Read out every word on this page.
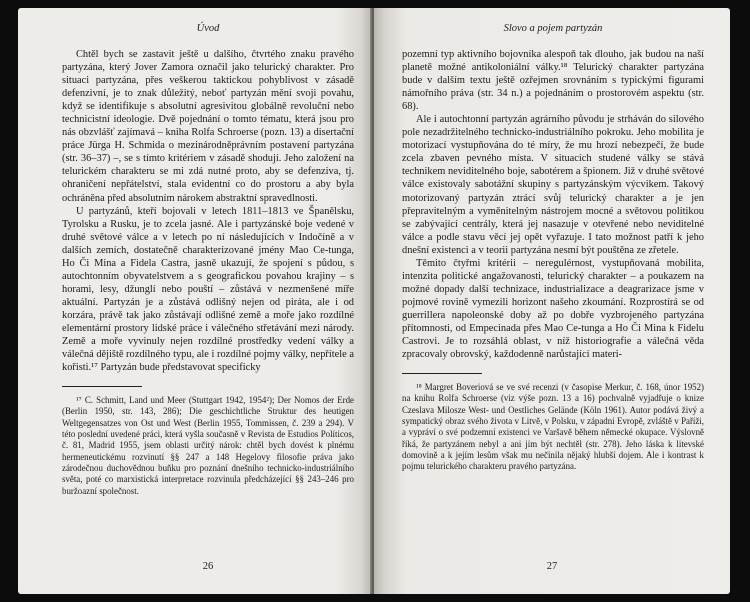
Úvod

Chtěl bych se zastavit ještě u dalšího, čtvrtého znaku pravého partyzána, který Jover Zamora označil jako telurický charakter. Pro situaci partyzána, přes veškerou taktickou pohyblivost v zásadě defenzivní, je to znak důležitý, neboť partyzán mění svoji povahu, když se identifikuje s absolutní agresivitou globálně revoluční nebo technicistní ideologie. Dvě pojednání o tomto tématu, která jsou pro nás obzvlášť zajímavá – kniha Rolfa Schroerse (pozn. 13) a disertační práce Jürga H. Schmida o mezinárodněprávním postavení partyzána (str. 36–37) –, se s tímto kritériem v zásadě shodují. Jeho založení na telurickém charakteru se mi zdá nutné proto, aby se defenziva, tj. ohraničení nepřátelství, stala evidentní co do prostoru a aby byla ochráněna před absolutním nárokem abstraktní spravedlnosti.

U partyzánů, kteří bojovali v letech 1811–1813 ve Španělsku, Tyrolsku a Rusku, je to zcela jasné. Ale i partyzánské boje vedené v druhé světové válce a v letech po ní následujících v Indočíně a v dalších zemích, dostatečně charakterizované jmény Mao Ce-tunga, Ho Či Mina a Fidela Castra, jasně ukazují, že spojení s půdou, s autochtonním obyvatelstvem a s geografickou povahou krajiny – s horami, lesy, džunglí nebo pouští – zůstává v nezmenšené míře aktuální. Partyzán je a zůstává odlišný nejen od piráta, ale i od korzára, právě tak jako zůstávají odlišné země a moře jako rozdílné elementární prostory lidské práce i válečného střetávání mezi národy. Země a moře vyvinuly nejen rozdílné prostředky vedení války a válečná dějiště rozdílného typu, ale i rozdílné pojmy války, nepřítele a kořisti.¹⁷ Partyzán bude představovat specificky

¹⁷ C. Schmitt, Land und Meer (Stuttgart 1942, 1954²); Der Nomos der Erde (Berlin 1950, str. 143, 286); Die geschichtliche Struktur des heutigen Weltgegensatzes von Ost und West (Berlin 1955, Tommissen, č. 239 a 294). V této poslední uvedené práci, která vyšla současně v Revista de Estudios Políticos, č. 81, Madrid 1955, jsem oblasti určitý nárok: chtěl bych dovést k plnému hermeneutickému rozvinutí §§ 247 a 148 Hegelovy filosofie práva jako zárodečnou duchovědnou buňku pro poznání dnešního technicko-industriálního světa, poté co marxistická interpretace rozvinula předcházející §§ 243–246 pro buržoazní společnost.

26
Slovo a pojem partyzán

pozemní typ aktivního bojovníka alespoň tak dlouho, jak budou na naší planetě možné antikoloniální války.¹⁸ Telurický charakter partyzána bude v dalším textu ještě ozřejmen srovnáním s typickými figurami námořního práva (str. 34 n.) a pojednáním o prostorovém aspektu (str. 68).

Ale i autochtonní partyzán agrárního původu je strháván do silového pole nezadržitelného technicko-industriálního pokroku. Jeho mobilita je motorizací vystupňována do té míry, že mu hrozí nebezpečí, že bude zcela zbaven pevného místa. V situacích studené války se stává technikem neviditelného boje, sabotérem a špionem. Již v druhé světové válce existovaly sabotážní skupiny s partyzánským výcvikem. Takový motorizovaný partyzán ztrácí svůj telurický charakter a je jen přepravitelným a vyměnitelným nástrojem mocné a světovou politikou se zabývající centrály, která jej nasazuje v otevřené nebo neviditelné válce a podle stavu věcí jej opět vyřazuje. I tato možnost patří k jeho dnešní existenci a v teorii partyzána nesmí být pouštěna ze zřetele.

Těmito čtyřmi kritérii – neregulérnost, vystupňovaná mobilita, intenzita politické angažovanosti, telurický charakter – a poukazem na možné dopady další technizace, industrializace a deagrarizace jsme v pojmové rovině vymezili horizont našeho zkoumání. Rozprostírá se od guerrillera napoleonské doby až po dobře vyzbrojeného partyzána přítomnosti, od Empecinada přes Mao Ce-tunga a Ho Či Mina k Fidelu Castrovi. Je to rozsáhlá oblast, v níž historiografie a válečná věda zpracovaly obrovský, každodenně narůstající materi-

¹⁸ Margret Boveriová se ve své recenzi (v časopise Merkur, č. 168, únor 1952) na knihu Rolfa Schroerse (viz výše pozn. 13 a 16) pochvalně vyjadřuje o knize Czeslava Milosze West- und Oestliches Gelände (Köln 1961). Autor podává živý a sympatický obraz svého života v Litvě, v Polsku, v západní Evropě, zvláště v Paříži, a vypráví o své podzemní existenci ve Varšavě během německé okupace. Výslovně říká, že partyzánem nebyl a ani jím být nechtěl (str. 278). Jeho láska k litevské domovině a k jejím lesům však mu nečinila nějaký hlubší dojem. Ale i kontrast k pojmu telurického charakteru pravého partyzána.

27
